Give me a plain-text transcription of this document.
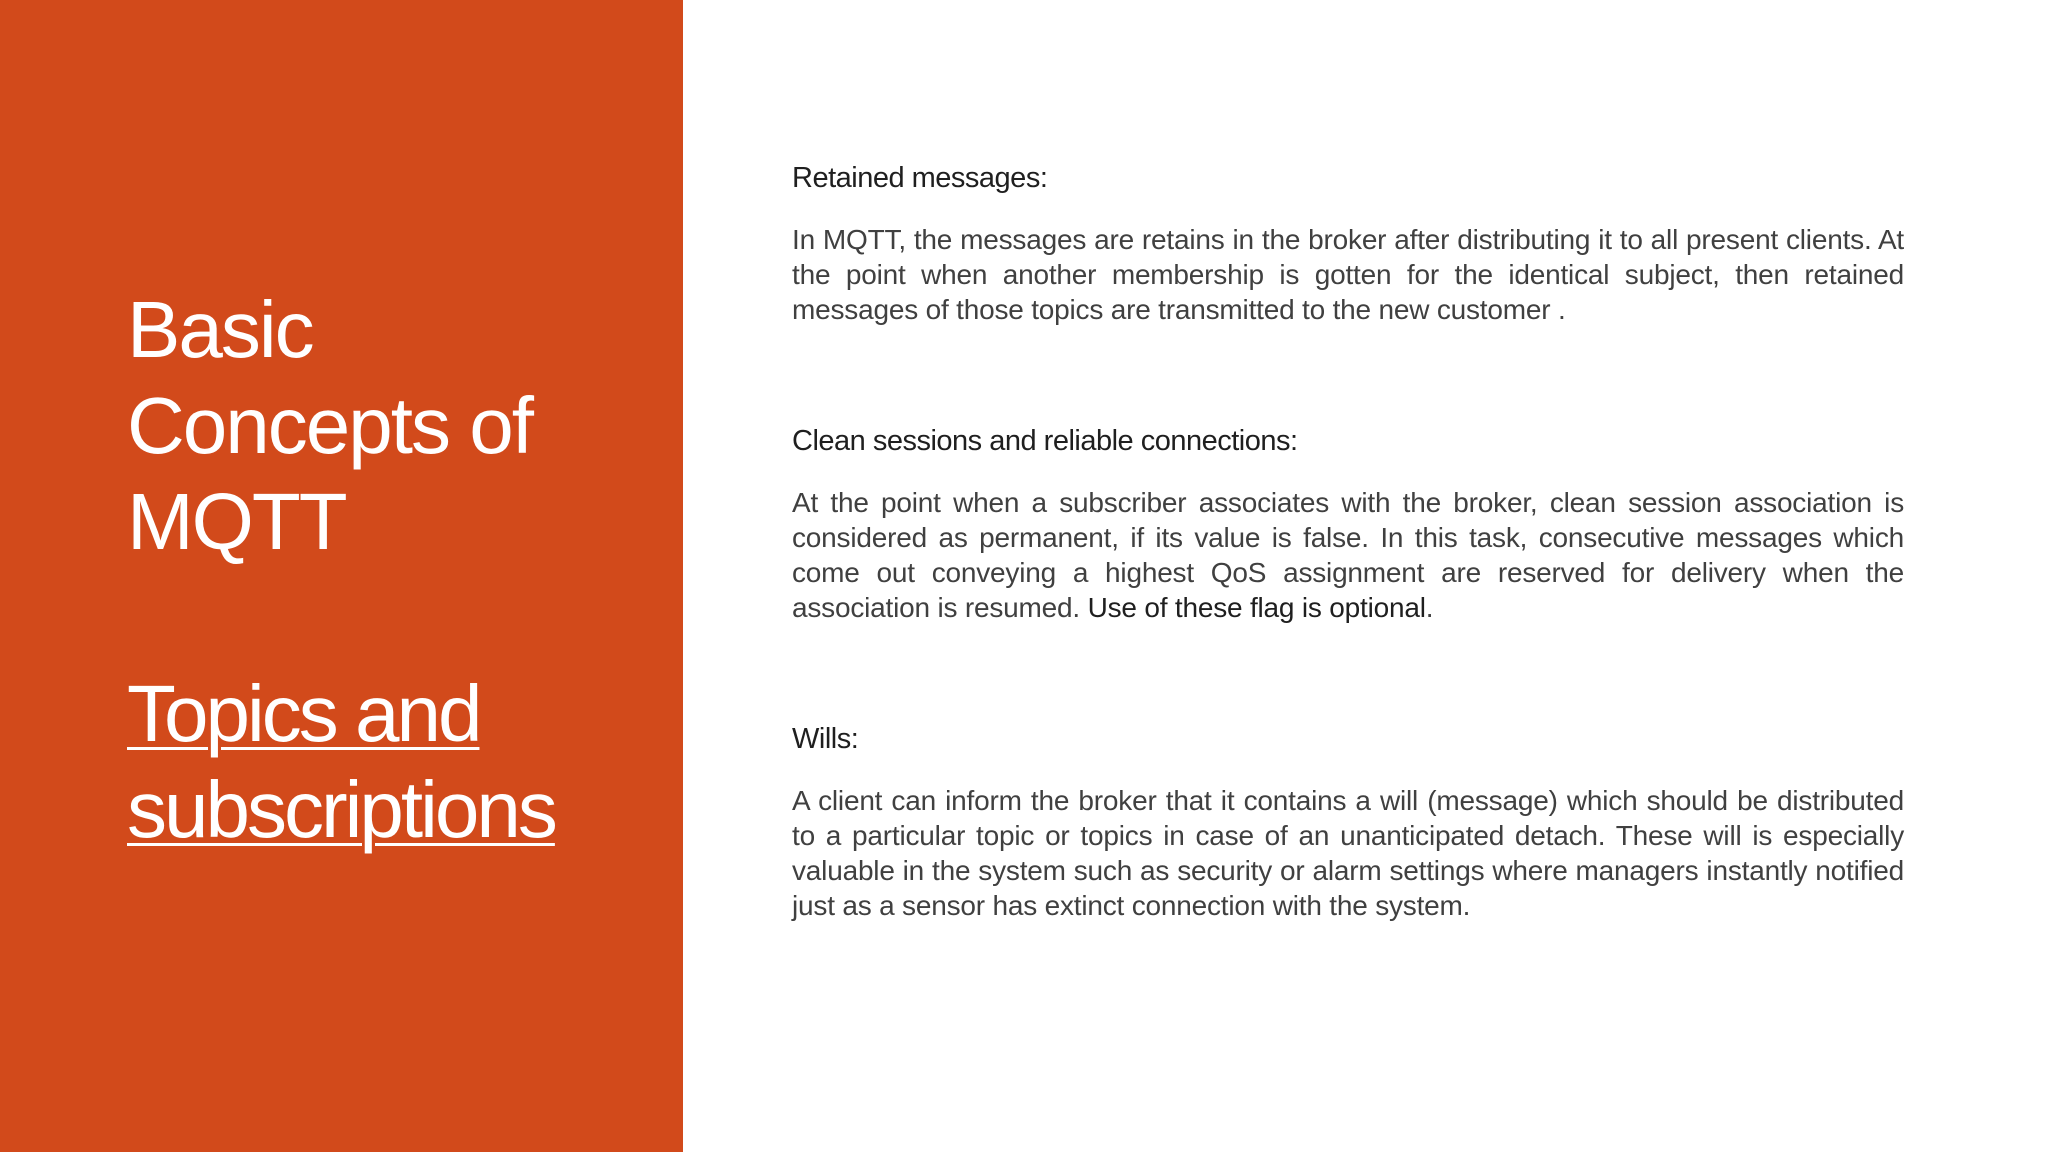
Basic
Concepts of
MQTT
Topics and
subscriptions

Retained messages:

In MQTT, the messages are retains in the broker after distributing it to all present clients. At the point when another membership is gotten for the identical subject, then retained messages of those topics are transmitted to the new customer .

Clean sessions and reliable connections:

At the point when a subscriber associates with the broker, clean session association is considered as permanent, if its value is false. In this task, consecutive messages which come out conveying a highest QoS assignment are reserved for delivery when the association is resumed. Use of these flag is optional.

Wills:

A client can inform the broker that it contains a will (message) which should be distributed to a particular topic or topics in case of an unanticipated detach. These will is especially valuable in the system such as security or alarm settings where managers instantly notified just as a sensor has extinct connection with the system.
